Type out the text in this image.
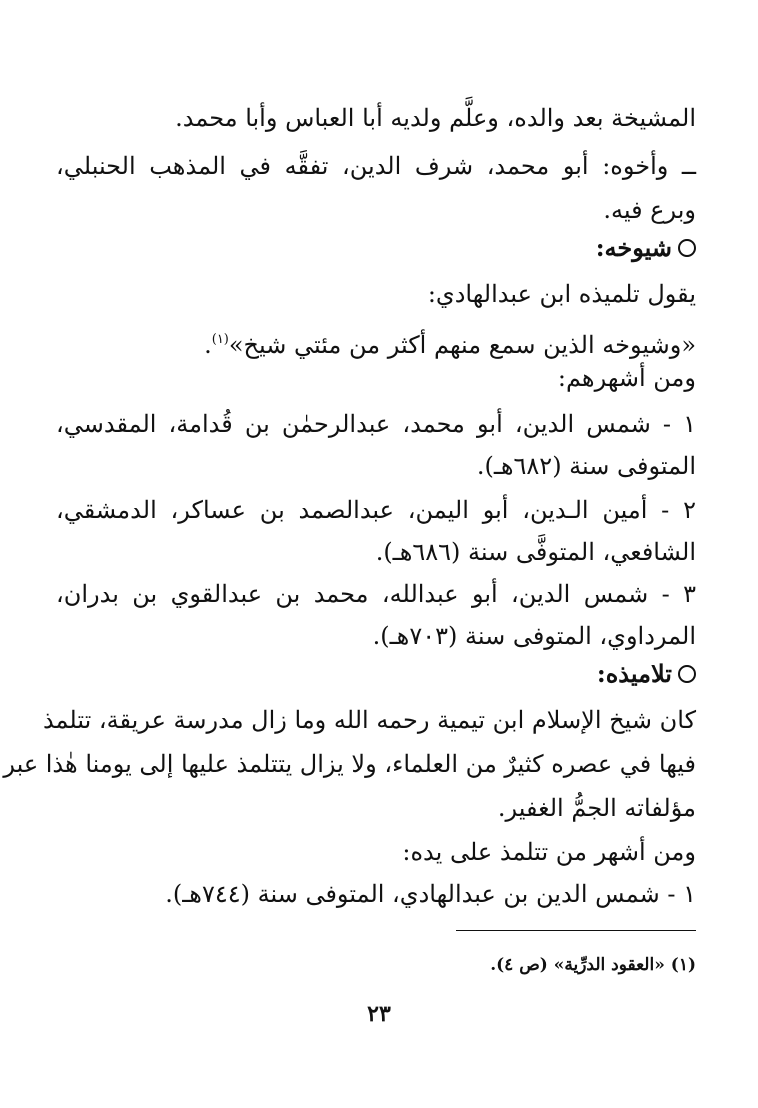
المشيخة بعد والده، وعلَّم ولديه أبا العباس وأبا محمد.
ــ وأخوه: أبو محمد، شرف الدين، تفقَّه في المذهب الحنبلي،
وبرع فيه.
شيوخه:
يقول تلميذه ابن عبدالهادي:
«وشيوخه الذين سمع منهم أكثر من مئتي شيخ»$^{(١)}$.
ومن أشهرهم:
١ - شمس الدين، أبو محمد، عبدالرحمٰن بن قُدامة، المقدسي،
المتوفى سنة (٦٨٢هـ).
٢ - أمين الـدين، أبو اليمن، عبدالصمد بن عساكر، الدمشقي،
الشافعي، المتوفَّى سنة (٦٨٦هـ).
٣ - شمس الدين، أبو عبدالله، محمد بن عبدالقوي بن بدران،
المرداوي، المتوفى سنة (٧٠٣هـ).
تلاميذه:
كان شيخ الإسلام ابن تيمية رحمه الله وما زال مدرسة عريقة، تتلمذ
فيها في عصره كثيرٌ من العلماء، ولا يزال يتتلمذ عليها إلى يومنا هٰذا عبر
مؤلفاته الجمُّ الغفير.
ومن أشهر من تتلمذ على يده:
١ - شمس الدين بن عبدالهادي، المتوفى سنة (٧٤٤هـ).
(١) «العقود الدرِّية» (ص ٤).
٢٣
